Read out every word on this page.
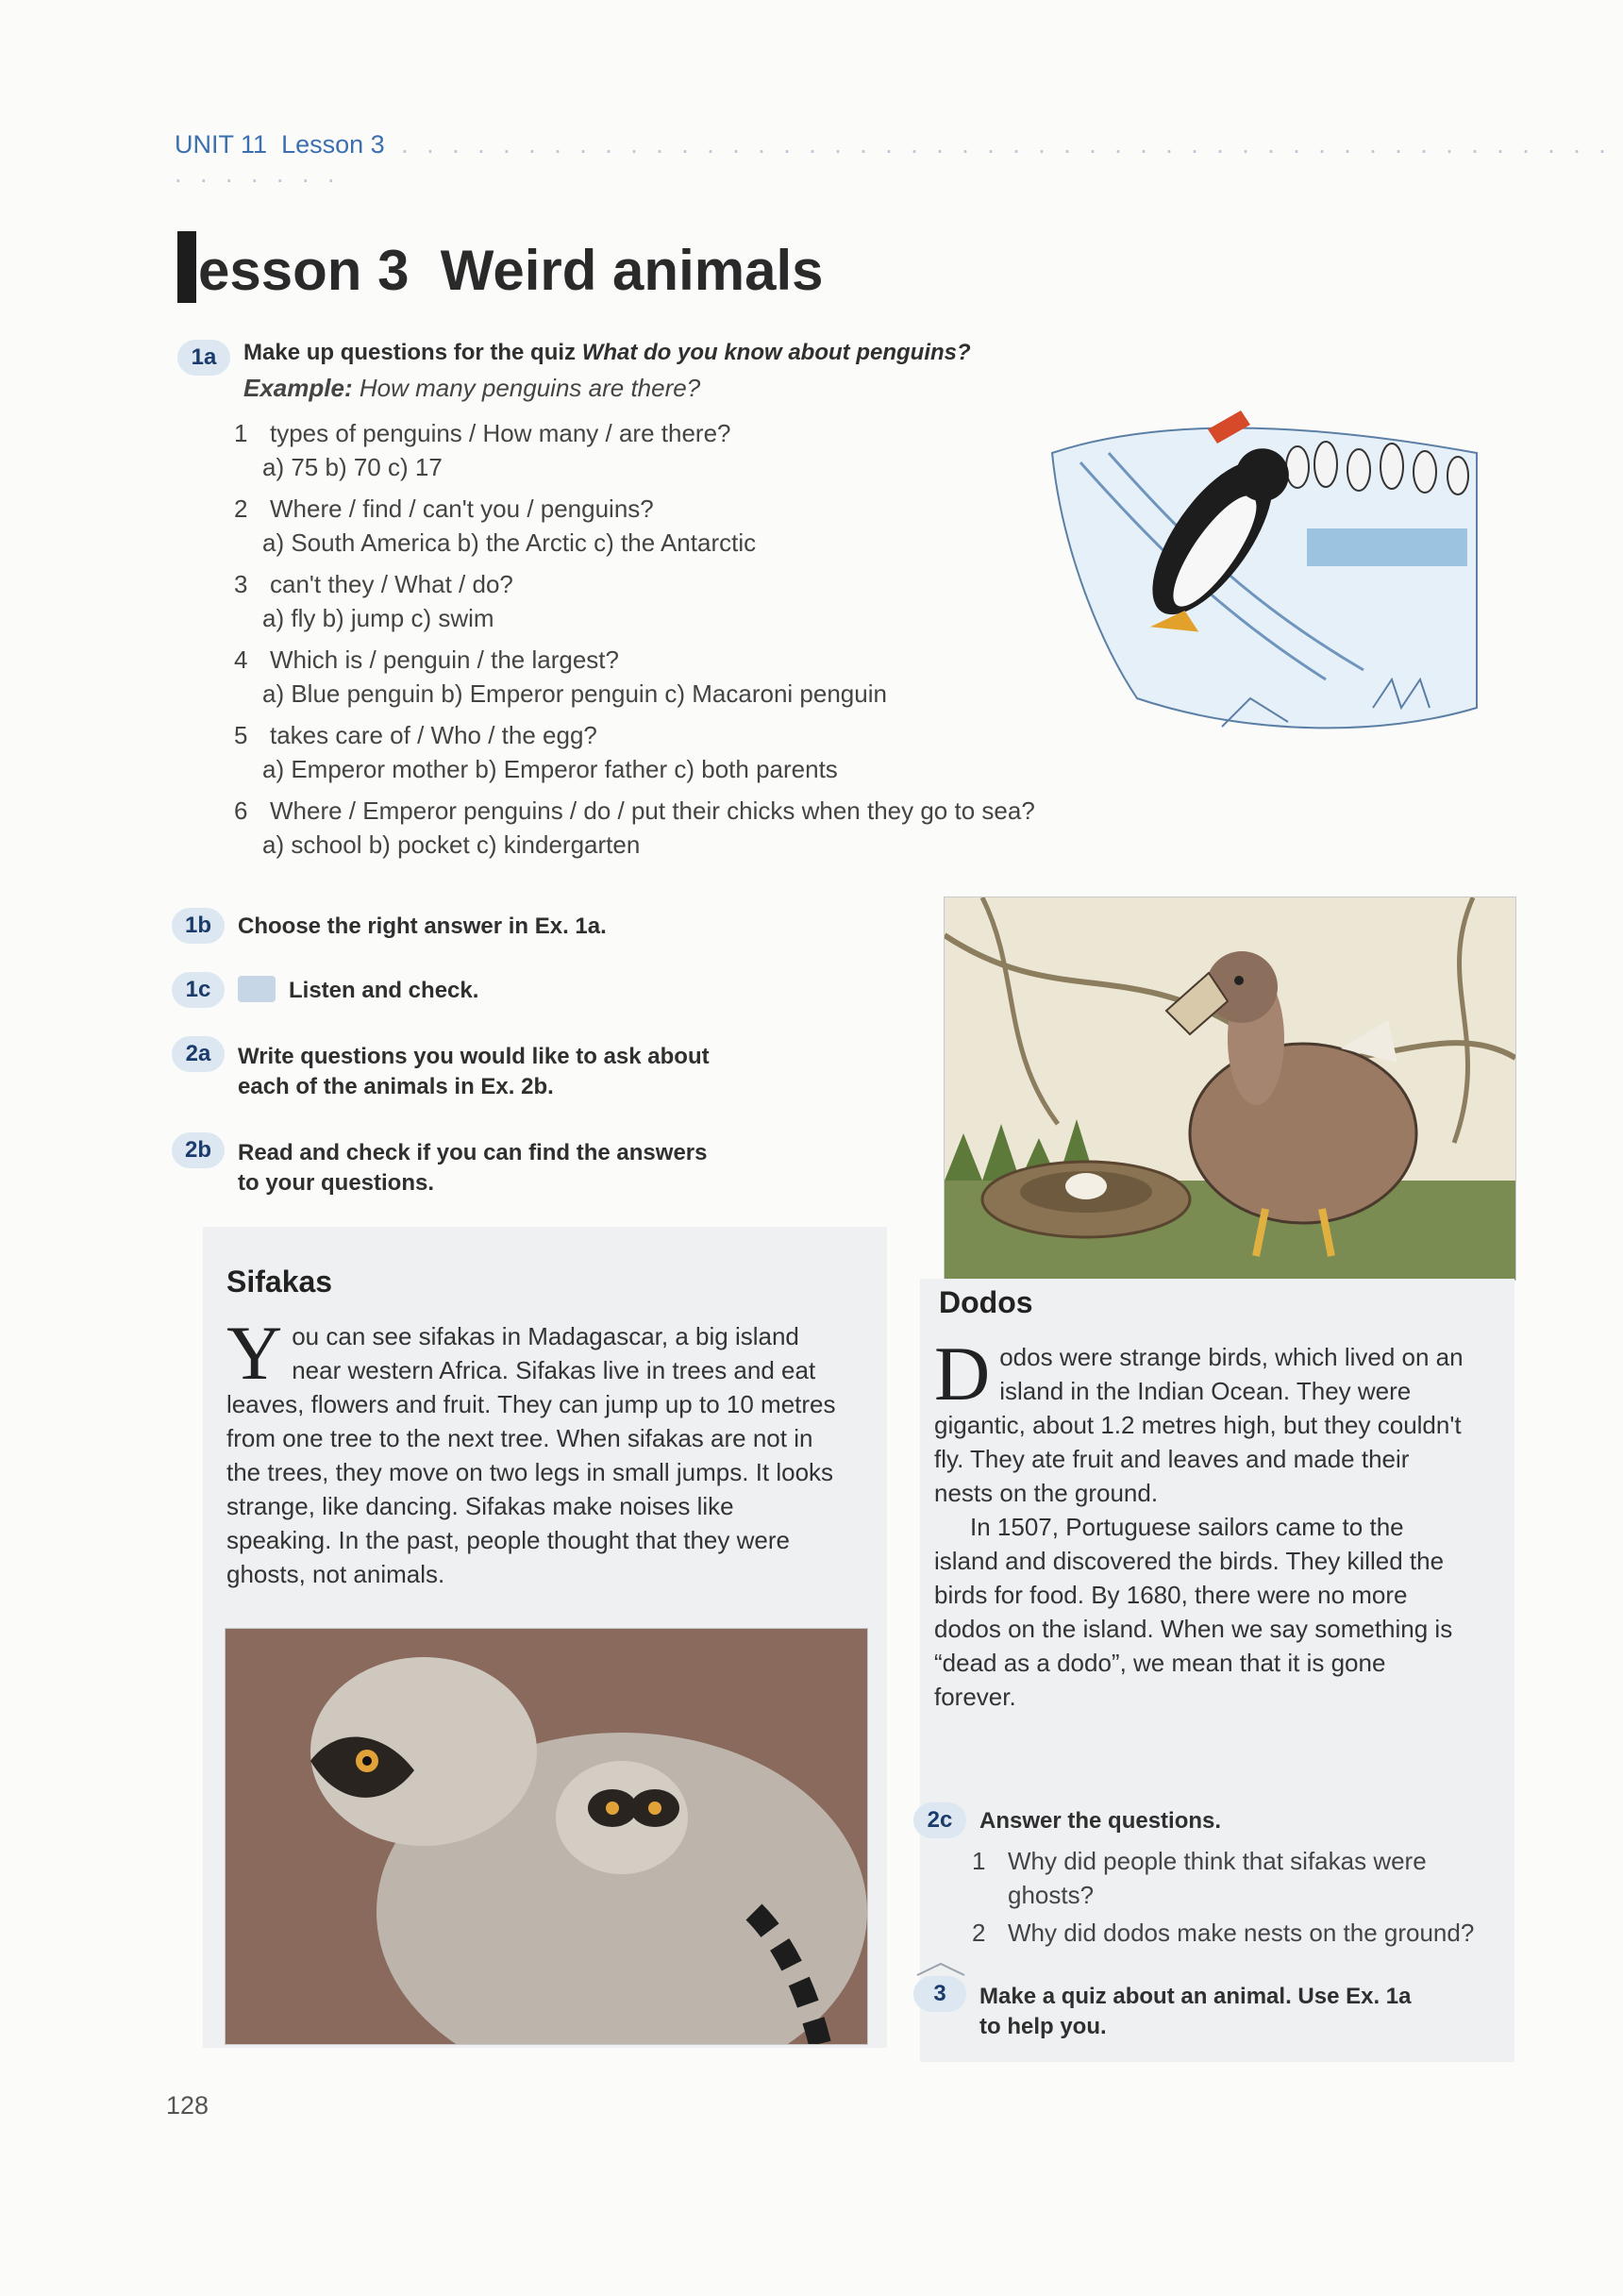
UNIT 11 Lesson 3 . . . . . . . . . . . . . . . . . . . . . . . . . . . . . . . . . . . . . . . . . . . . . . . . . . . . . . .
esson 3 Weird animals
1a	Make up questions for the quiz What do you know about penguins?
Example: How many penguins are there?
1 types of penguins / How many / are there?
a) 75 b) 70 c) 17
2 Where / find / can't you / penguins?
a) South America b) the Arctic c) the Antarctic
3 can't they / What / do?
a) fly b) jump c) swim
4 Which is / penguin / the largest?
a) Blue penguin b) Emperor penguin c) Macaroni penguin
5 takes care of / Who / the egg?
a) Emperor mother b) Emperor father c) both parents
6 Where / Emperor penguins / do / put their chicks when they go to sea?
a) school b) pocket c) kindergarten
1b	Choose the right answer in Ex. 1a.
1c	Listen and check.
2a	Write questions you would like to ask about
each of the animals in Ex. 2b.
2b	Read and check if you can find the answers
to your questions.
Sifakas
You can see sifakas in Madagascar, a big island near western Africa. Sifakas live in trees and eat leaves, flowers and fruit. They can jump up to 10 metres from one tree to the next tree. When sifakas are not in the trees, they move on two legs in small jumps. It looks strange, like dancing. Sifakas make noises like speaking. In the past, people thought that they were ghosts, not animals.
Dodos
Dodos were strange birds, which lived on an island in the Indian Ocean. They were gigantic, about 1.2 metres high, but they couldn't fly. They ate fruit and leaves and made their nests on the ground.
In 1507, Portuguese sailors came to the island and discovered the birds. They killed the birds for food. By 1680, there were no more dodos on the island. When we say something is “dead as a dodo”, we mean that it is gone forever.
2c	Answer the questions.
1 Why did people think that sifakas were ghosts?
2 Why did dodos make nests on the ground?
3	Make a quiz about an animal. Use Ex. 1a
to help you.
128
